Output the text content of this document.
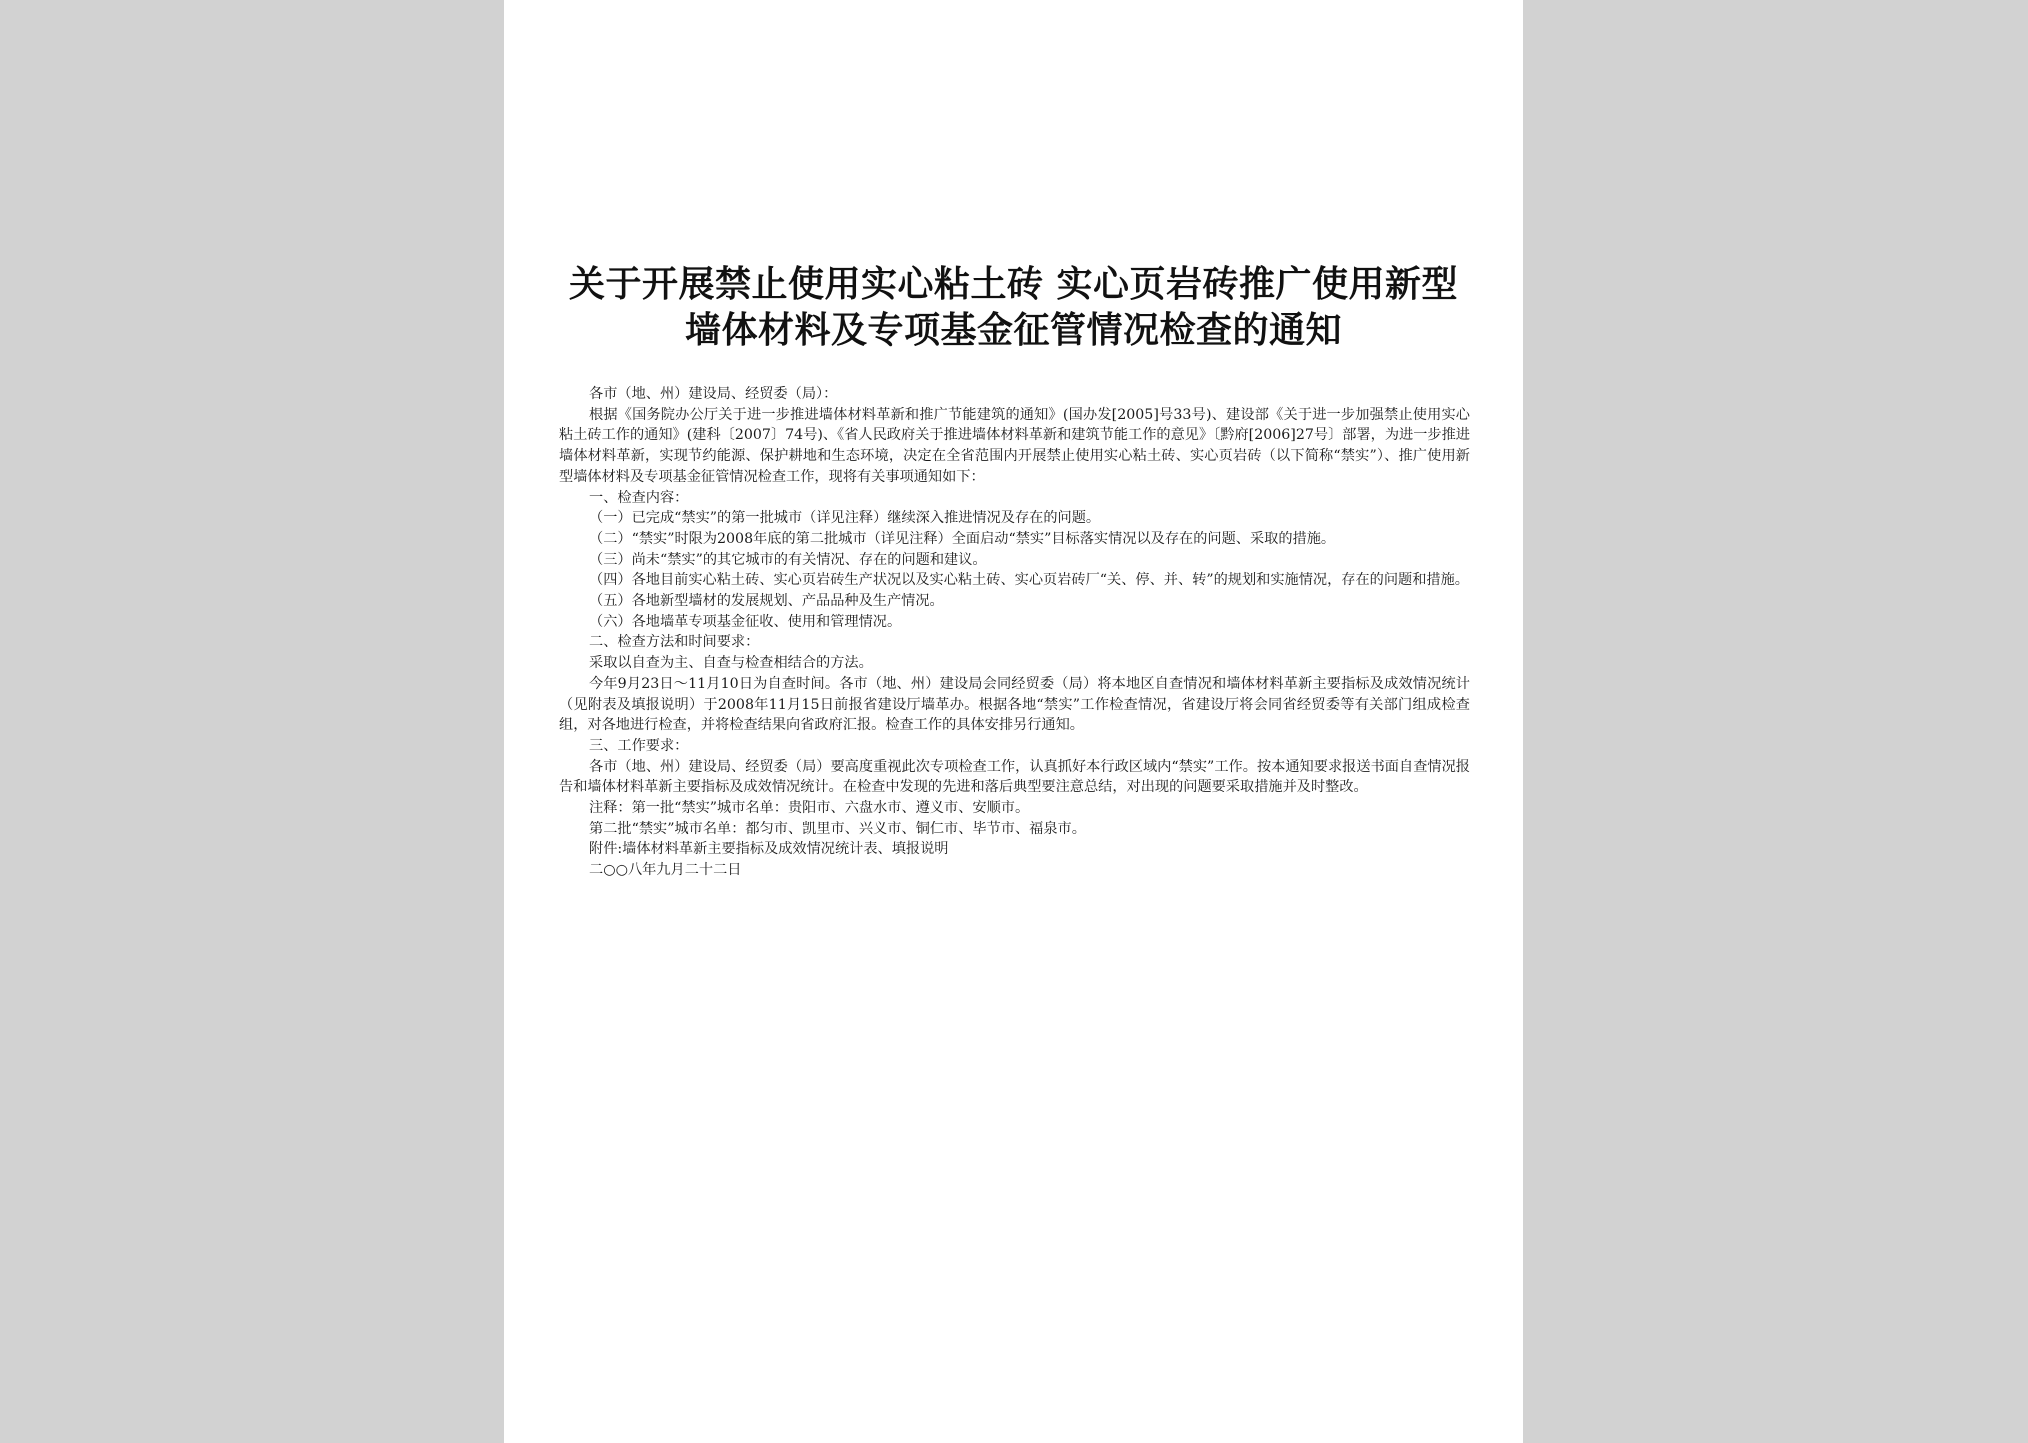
关于开展禁止使用实心粘土砖 实心页岩砖推广使用新型
墙体材料及专项基金征管情况检查的通知

各市（地、州）建设局、经贸委（局）：

根据《国务院办公厅关于进一步推进墙体材料革新和推广节能建筑的通知》(国办发[2005]号33号)、建设部《关于进一步加强禁止使用实心粘土砖工作的通知》(建科〔2007〕74号)、《省人民政府关于推进墙体材料革新和建筑节能工作的意见》〔黔府[2006]27号〕部署，为进一步推进墙体材料革新，实现节约能源、保护耕地和生态环境，决定在全省范围内开展禁止使用实心粘土砖、实心页岩砖（以下简称“禁实”）、推广使用新型墙体材料及专项基金征管情况检查工作，现将有关事项通知如下：

一、检查内容：

（一）已完成“禁实”的第一批城市（详见注释）继续深入推进情况及存在的问题。

（二）“禁实”时限为2008年底的第二批城市（详见注释）全面启动“禁实”目标落实情况以及存在的问题、采取的措施。

（三）尚未“禁实”的其它城市的有关情况、存在的问题和建议。

（四）各地目前实心粘土砖、实心页岩砖生产状况以及实心粘土砖、实心页岩砖厂“关、停、并、转”的规划和实施情况，存在的问题和措施。

（五）各地新型墙材的发展规划、产品品种及生产情况。

（六）各地墙革专项基金征收、使用和管理情况。

二、检查方法和时间要求：

采取以自查为主、自查与检查相结合的方法。

今年9月23日～11月10日为自查时间。各市（地、州）建设局会同经贸委（局）将本地区自查情况和墙体材料革新主要指标及成效情况统计（见附表及填报说明）于2008年11月15日前报省建设厅墙革办。根据各地“禁实”工作检查情况，省建设厅将会同省经贸委等有关部门组成检查组，对各地进行检查，并将检查结果向省政府汇报。检查工作的具体安排另行通知。

三、工作要求：

各市（地、州）建设局、经贸委（局）要高度重视此次专项检查工作，认真抓好本行政区域内“禁实”工作。按本通知要求报送书面自查情况报告和墙体材料革新主要指标及成效情况统计。在检查中发现的先进和落后典型要注意总结，对出现的问题要采取措施并及时整改。

注释：第一批“禁实”城市名单：贵阳市、六盘水市、遵义市、安顺市。

第二批“禁实”城市名单：都匀市、凯里市、兴义市、铜仁市、毕节市、福泉市。

附件:墙体材料革新主要指标及成效情况统计表、填报说明

二○○八年九月二十二日
